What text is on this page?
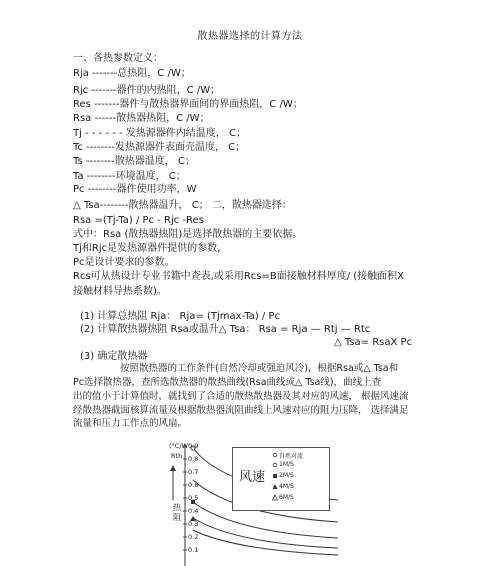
散热器选择的计算方法
一、各热参数定义：
Rja -------总热阻，C /W；
Rjc -------器件的内热阻，C /W；
Res -------器件与散热器界面间的界面热阻，C /W；
Rsa ------散热器热阻，C /W；
Tj - - - - - - 发热源器件内结温度， C；
Tc --------发热源器件表面壳温度， C；
Ts --------散热器温度， C；
Ta --------环境温度， C；
Pc --------器件使用功率，W
△ Tsa--------散热器温升， C； 二，散热器选择：
Rsa =(Tj-Ta) / Pc - Rjc -Res
式中：Rsa (散热器热阻)是选择散热器的主要依据。
Tj和Rjc是发热源器件提供的参数，
Pc是设计要求的参数。
Rcs可从热设计专业书籍中查表,或采用Rcs=B面接触材料厚度/ (接触面积X
接触材料导热系数)。
(1) 计算总热阻 Rja： Rja= (Tjmax-Ta) / Pc
(2) 计算散热器热阻 Rsa或温升△ Tsa： Rsa = Rja — Rtj — Rtc
△ Tsa= RsaX Pc
(3) 确定散热器
按照散热器的工作条件(自然冷却或强迫风冷)，根据Rsa或△ Tsa和
Pc选择散热器，查所选散热器的散热曲线(Rsa曲线或△ Tsa线)，曲线上查
出的值小于计算值时，就找到了合适的散热散热器及其对应的风速， 根据风速流
经散热器截面核算流量及根据散热器流阻曲线上风速对应的阻力压降， 选择满足
流量和压力工作点的风扇。
(°C/W
Rth
热
阻
0.9
0.8
0.7
0.6
0.5
0.4
0.3
0.2
0.1
风速
自然对流
1M/S
2M/S
4M/S
6M/S
